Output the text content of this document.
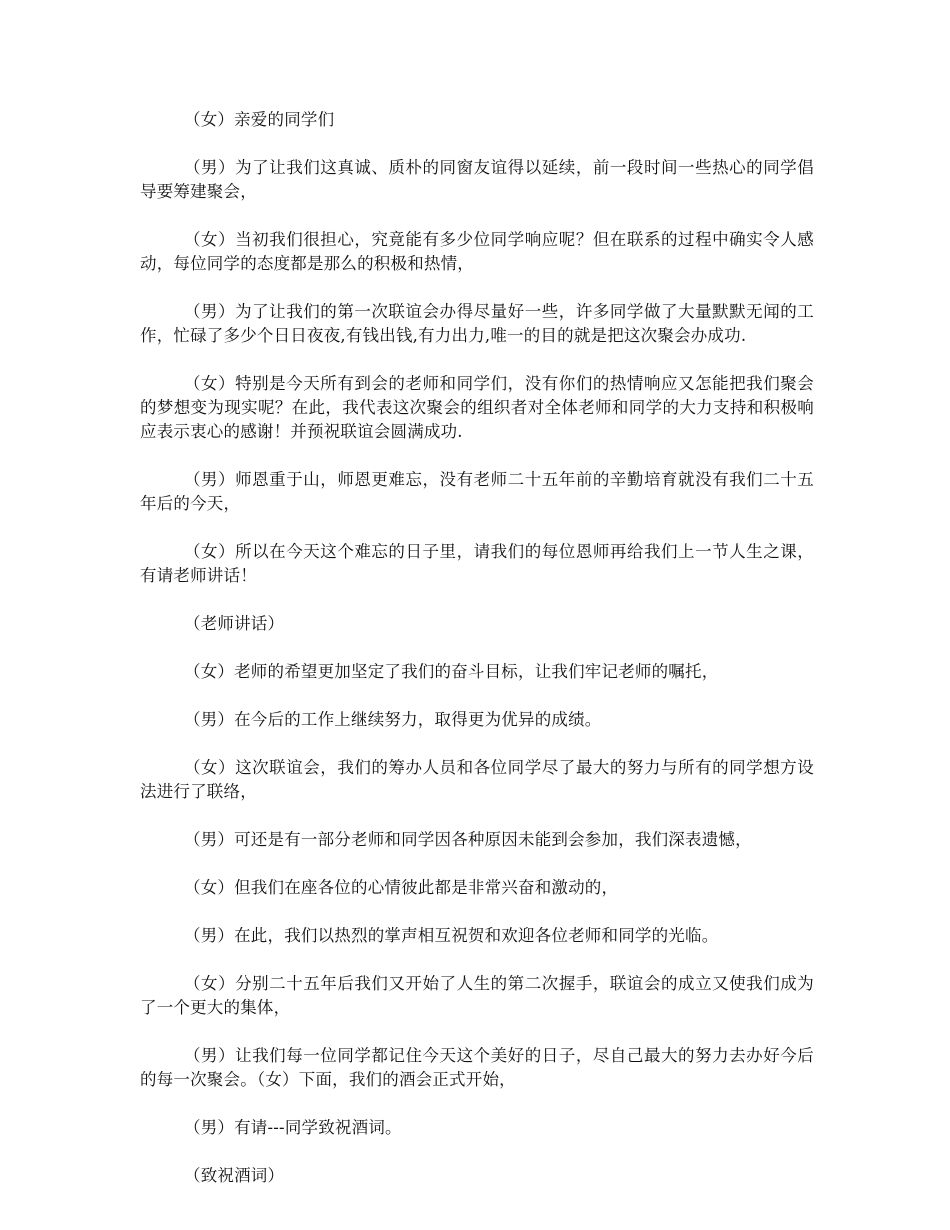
（女）亲爱的同学们

（男）为了让我们这真诚、质朴的同窗友谊得以延续，前一段时间一些热心的同学倡导要筹建聚会，

（女）当初我们很担心，究竟能有多少位同学响应呢？但在联系的过程中确实令人感动，每位同学的态度都是那么的积极和热情，

（男）为了让我们的第一次联谊会办得尽量好一些，许多同学做了大量默默无闻的工作，忙碌了多少个日日夜夜,有钱出钱,有力出力,唯一的目的就是把这次聚会办成功.

（女）特别是今天所有到会的老师和同学们，没有你们的热情响应又怎能把我们聚会的梦想变为现实呢？在此，我代表这次聚会的组织者对全体老师和同学的大力支持和积极响应表示衷心的感谢！并预祝联谊会圆满成功.

（男）师恩重于山，师恩更难忘，没有老师二十五年前的辛勤培育就没有我们二十五年后的今天，

（女）所以在今天这个难忘的日子里，请我们的每位恩师再给我们上一节人生之课，有请老师讲话！

（老师讲话）

（女）老师的希望更加坚定了我们的奋斗目标，让我们牢记老师的嘱托，

（男）在今后的工作上继续努力，取得更为优异的成绩。

（女）这次联谊会，我们的筹办人员和各位同学尽了最大的努力与所有的同学想方设法进行了联络，

（男）可还是有一部分老师和同学因各种原因未能到会参加，我们深表遗憾，

（女）但我们在座各位的心情彼此都是非常兴奋和激动的，

（男）在此，我们以热烈的掌声相互祝贺和欢迎各位老师和同学的光临。

（女）分别二十五年后我们又开始了人生的第二次握手，联谊会的成立又使我们成为了一个更大的集体，

（男）让我们每一位同学都记住今天这个美好的日子，尽自己最大的努力去办好今后的每一次聚会。（女）下面，我们的酒会正式开始，

（男）有请---同学致祝酒词。

（致祝酒词）
